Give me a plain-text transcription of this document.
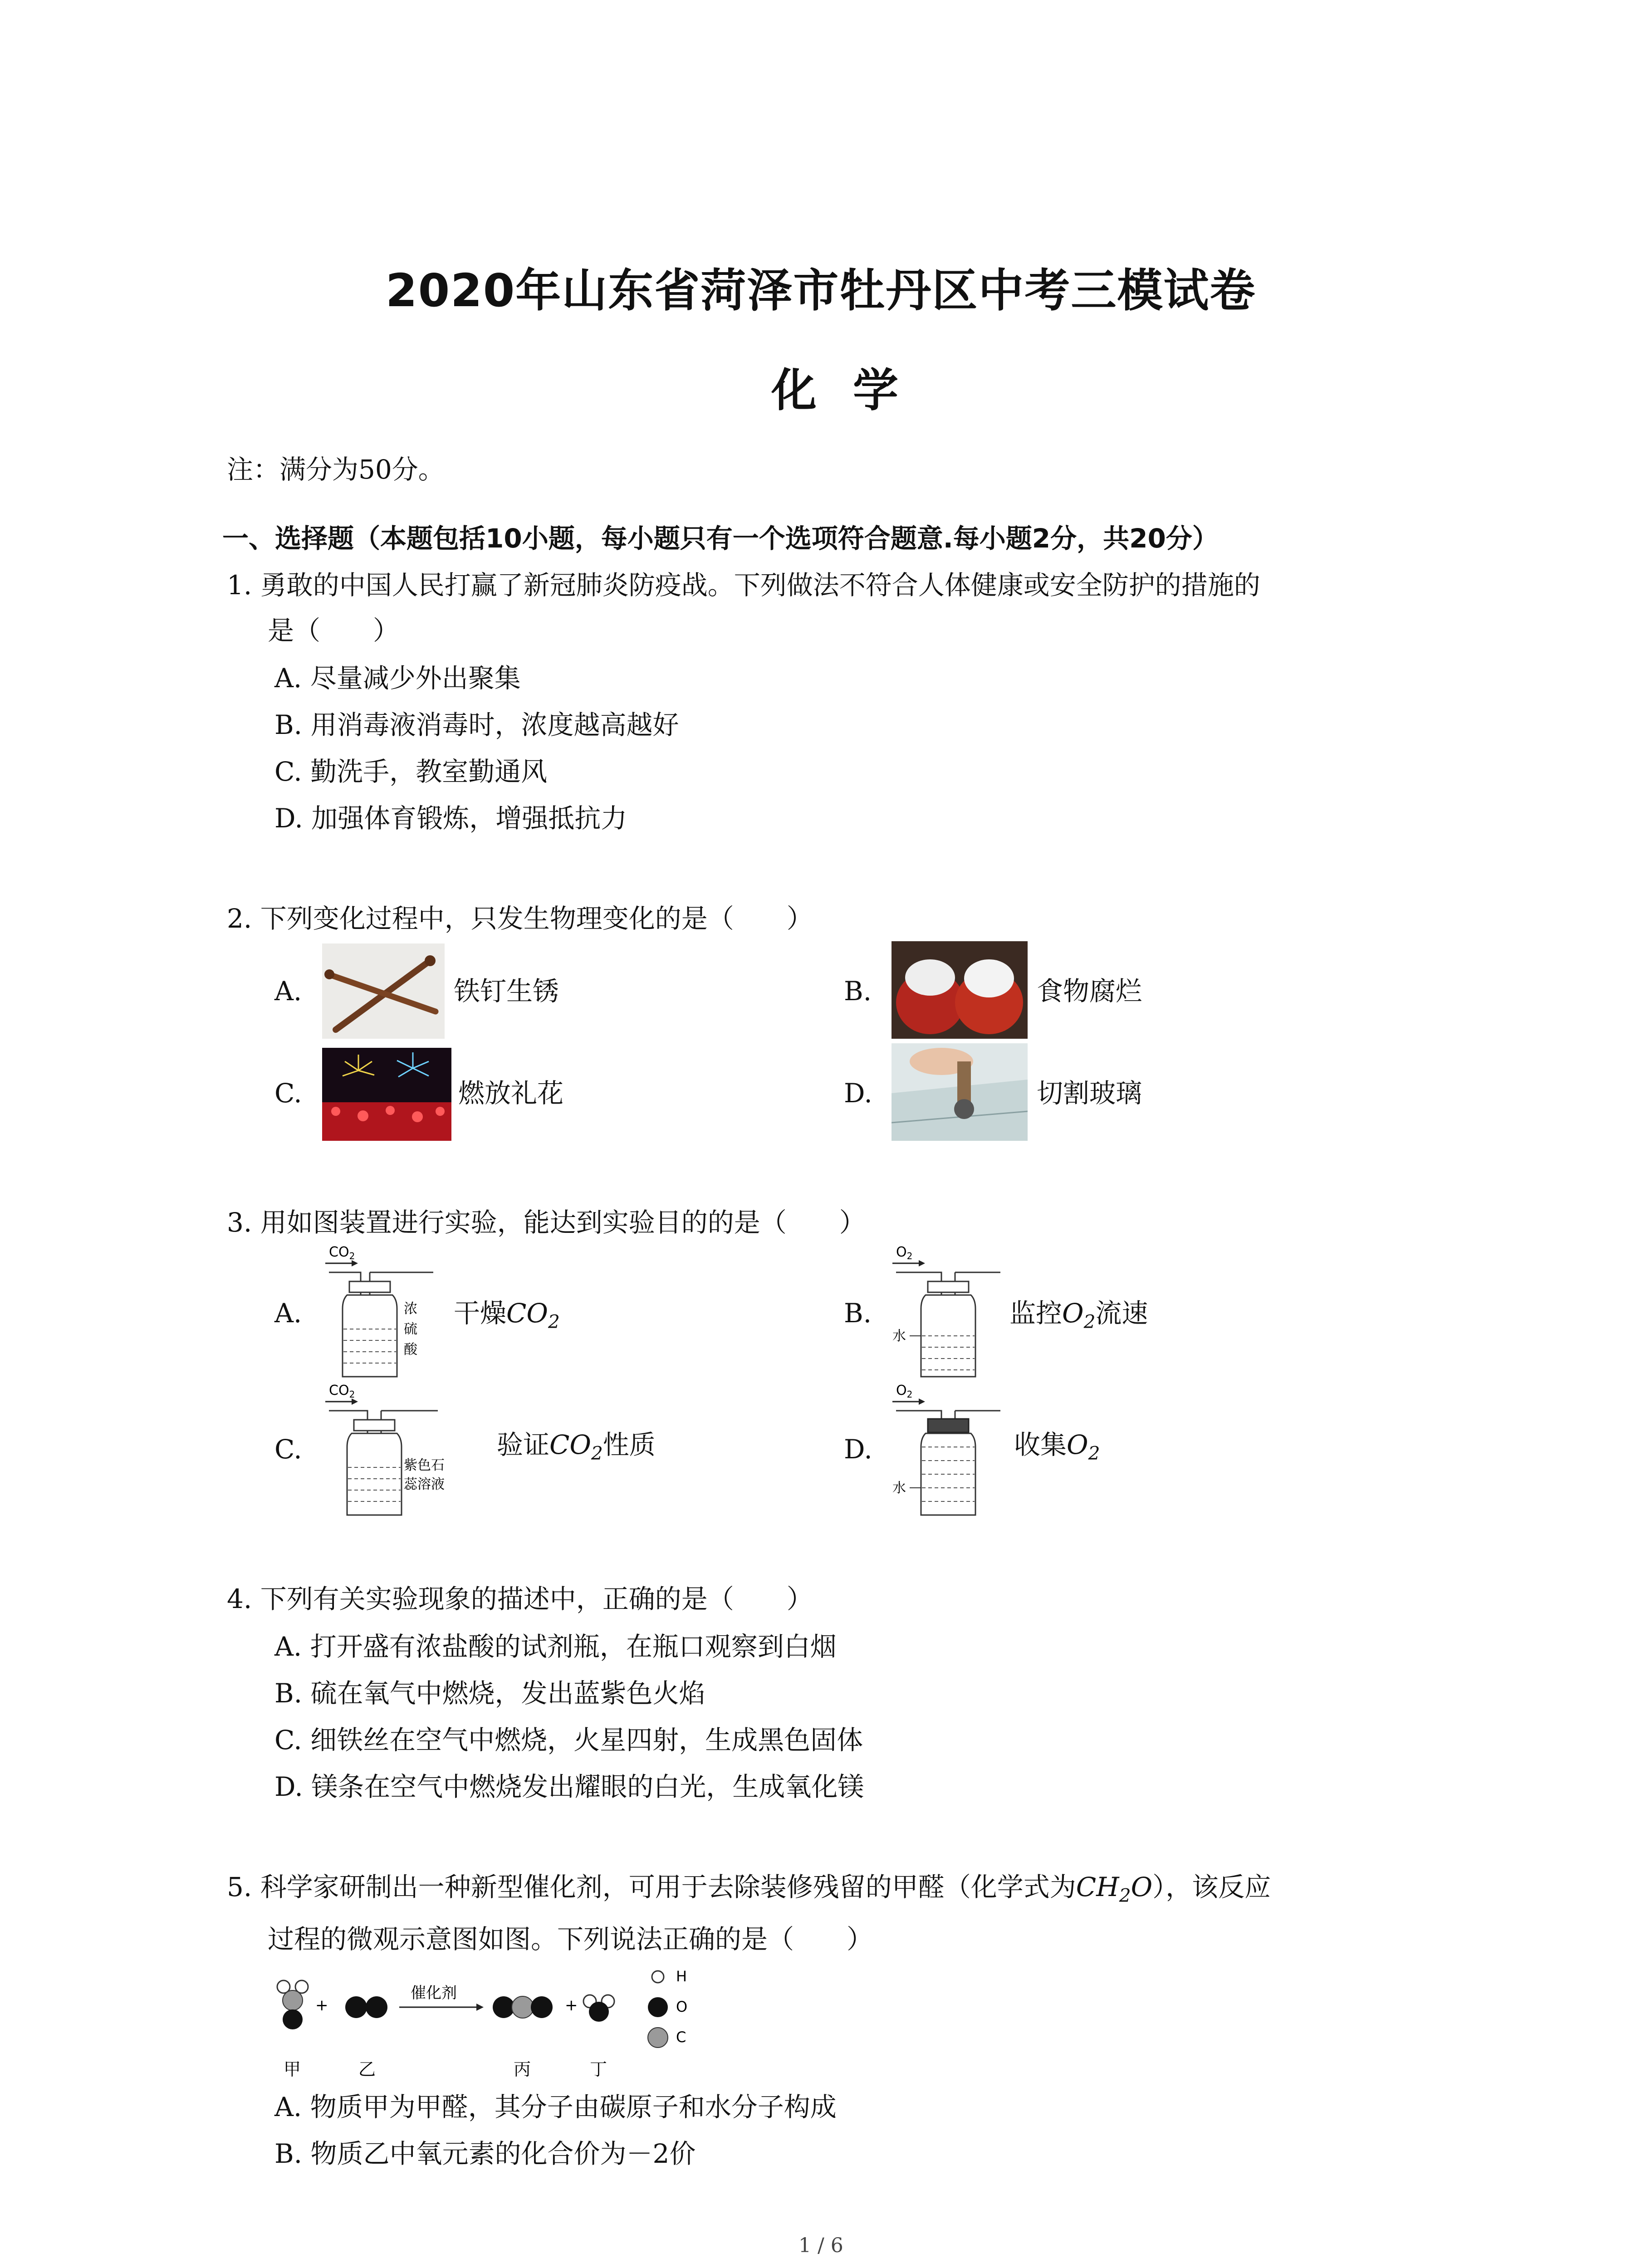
2020年山东省菏泽市牡丹区中考三模试卷
化学
注：满分为50分。
一、选择题（本题包括10小题，每小题只有一个选项符合题意.每小题2分，共20分）
1. 勇敢的中国人民打赢了新冠肺炎防疫战。下列做法不符合人体健康或安全防护的措施的
是（　　）
A. 尽量减少外出聚集
B. 用消毒液消毒时，浓度越高越好
C. 勤洗手，教室勤通风
D. 加强体育锻炼，增强抵抗力
2. 下列变化过程中，只发生物理变化的是（　　）
A.	铁钉生锈	B.	食物腐烂
C.	燃放礼花	D.	切割玻璃
3. 用如图装置进行实验，能达到实验目的的是（　　）
A.
$CO_2$
浓
硫
酸
干燥$CO_2$	B.
$O_2$
水
监控$O_2$流速
C.
$CO_2$
紫色石
蕊溶液
验证$CO_2$性质	D.
$O_2$
水
收集$O_2$
4. 下列有关实验现象的描述中，正确的是（　　）
A. 打开盛有浓盐酸的试剂瓶，在瓶口观察到白烟
B. 硫在氧气中燃烧，发出蓝紫色火焰
C. 细铁丝在空气中燃烧，火星四射，生成黑色固体
D. 镁条在空气中燃烧发出耀眼的白光，生成氧化镁
5. 科学家研制出一种新型催化剂，可用于去除装修残留的甲醛（化学式为$CH_2O$），该反应
过程的微观示意图如图。下列说法正确的是（　　）
+
催化剂
+
H
O
C
甲	乙	丙	丁
A. 物质甲为甲醛，其分子由碳原子和水分子构成
B. 物质乙中氧元素的化合价为－2价
1 / 6
